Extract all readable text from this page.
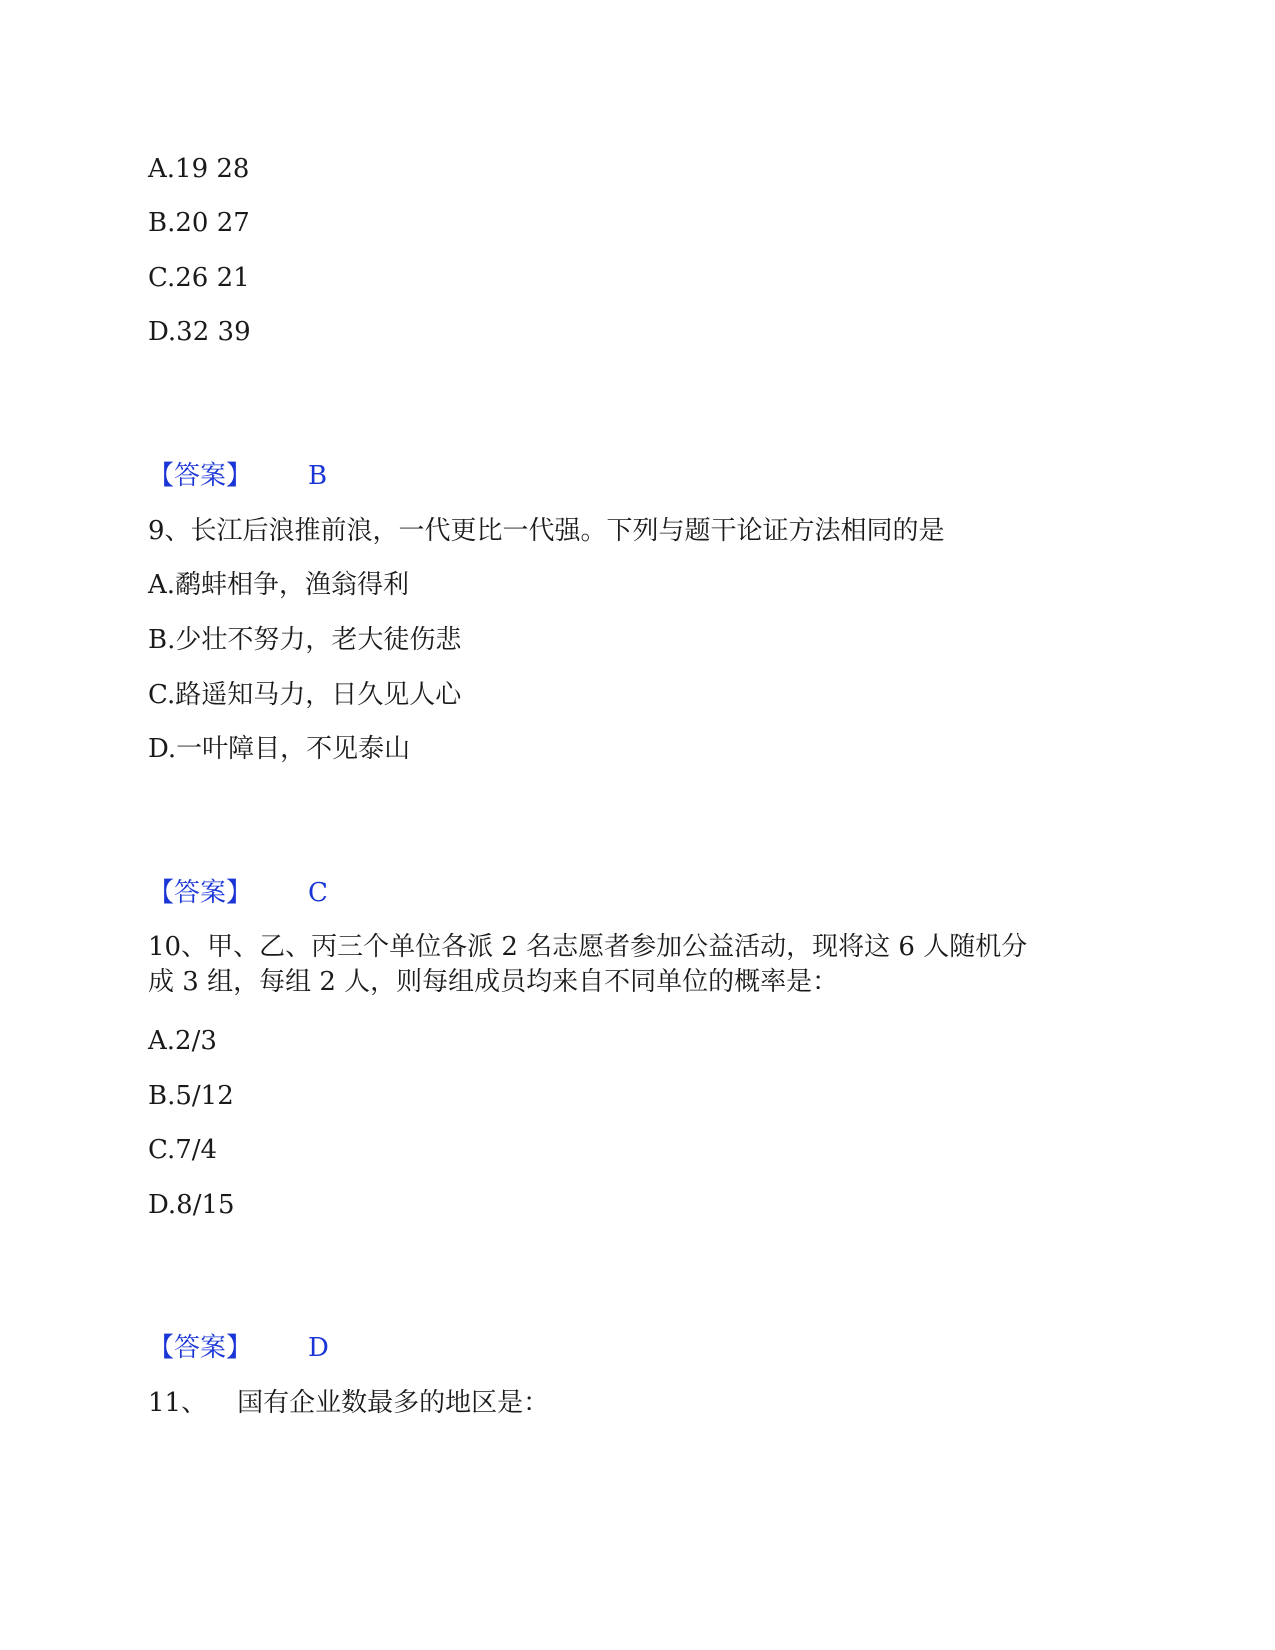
A.19 28
B.20 27
C.26 21
D.32 39
【答案】 B
9、长江后浪推前浪，一代更比一代强。下列与题干论证方法相同的是
A.鹬蚌相争，渔翁得利
B.少壮不努力，老大徒伤悲
C.路遥知马力，日久见人心
D.一叶障目，不见泰山
【答案】 C
10、甲、乙、丙三个单位各派 2 名志愿者参加公益活动，现将这 6 人随机分
成 3 组，每组 2 人，则每组成员均来自不同单位的概率是：
A.2/3
B.5/12
C.7/4
D.8/15
【答案】 D
11、 国有企业数最多的地区是：
